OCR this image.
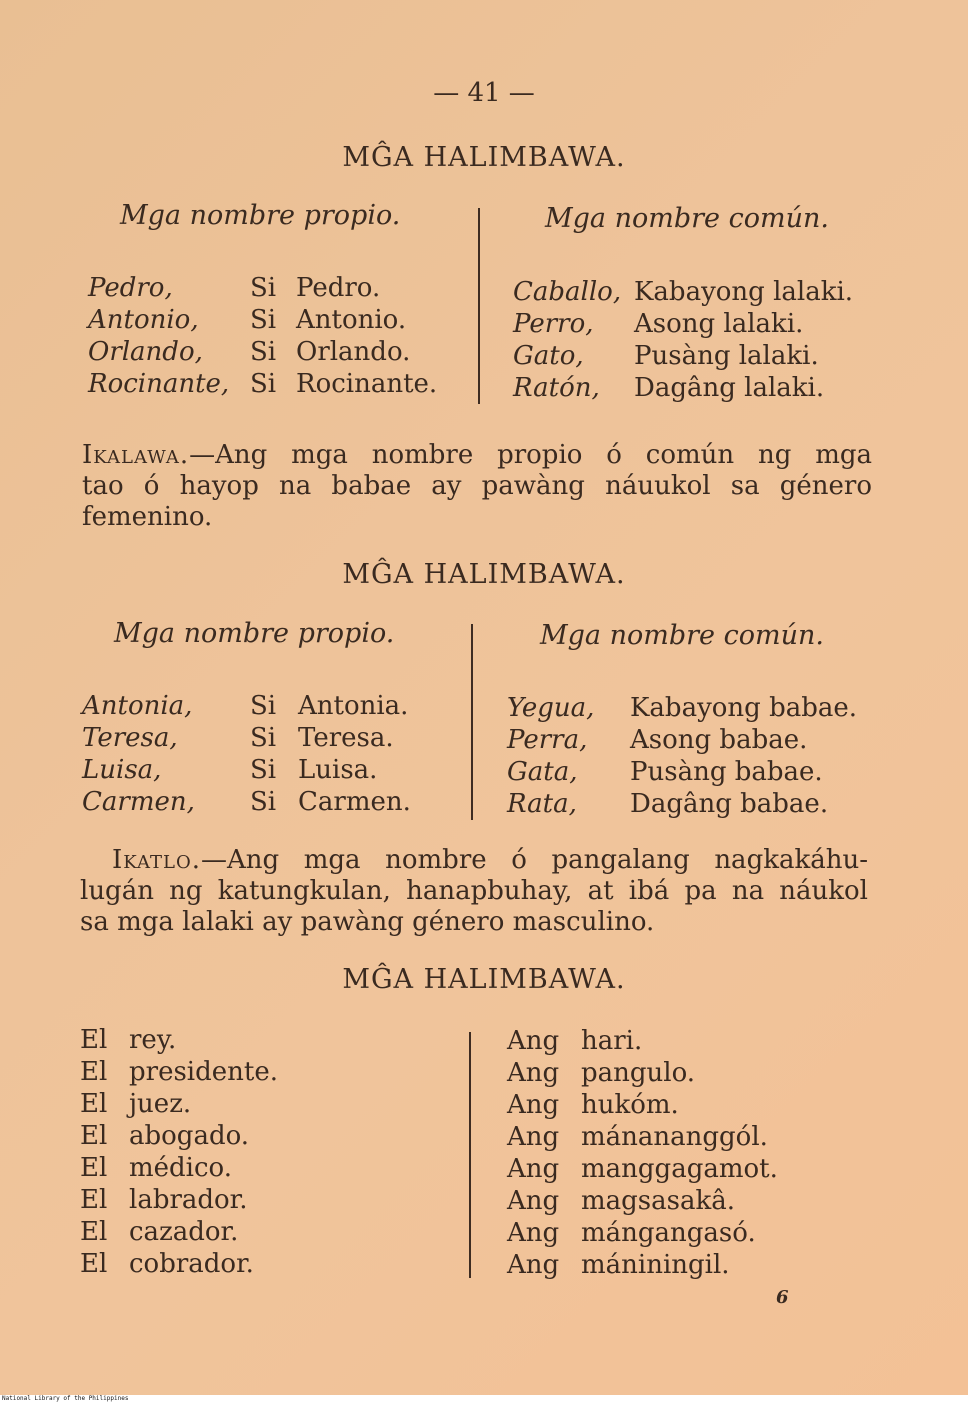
— 41 —
MĜA HALIMBAWA.
Mga nombre propio.	Mga nombre común.
Pedro,
Antonio,
Orlando,
Rocinante,
Si
Si
Si
Si
Pedro.
Antonio.
Orlando.
Rocinante.
Caballo,
Perro,
Gato,
Ratón,
Kabayong lalaki.
Asong lalaki.
Pusàng lalaki.
Dagâng lalaki.
Ikalawa.—Ang mga nombre propio ó común ng mga
tao ó hayop na babae ay pawàng náuukol sa género
femenino.
MĜA HALIMBAWA.
Mga nombre propio.	Mga nombre común.
Antonia,
Teresa,
Luisa,
Carmen,
Si
Si
Si
Si
Antonia.
Teresa.
Luisa.
Carmen.
Yegua,
Perra,
Gata,
Rata,
Kabayong babae.
Asong babae.
Pusàng babae.
Dagâng babae.
Ikatlo.—Ang mga nombre ó pangalang nagkakáhu-
lugán ng katungkulan, hanapbuhay, at ibá pa na náukol
sa mga lalaki ay pawàng género masculino.
MĜA HALIMBAWA.
El
El
El
El
El
El
El
El
rey.
presidente.
juez.
abogado.
médico.
labrador.
cazador.
cobrador.
Ang
Ang
Ang
Ang
Ang
Ang
Ang
Ang
hari.
pangulo.
hukóm.
mánananggól.
manggagamot.
magsasakâ.
mángangasó.
mániningil.
6
National Library of the Philippines
